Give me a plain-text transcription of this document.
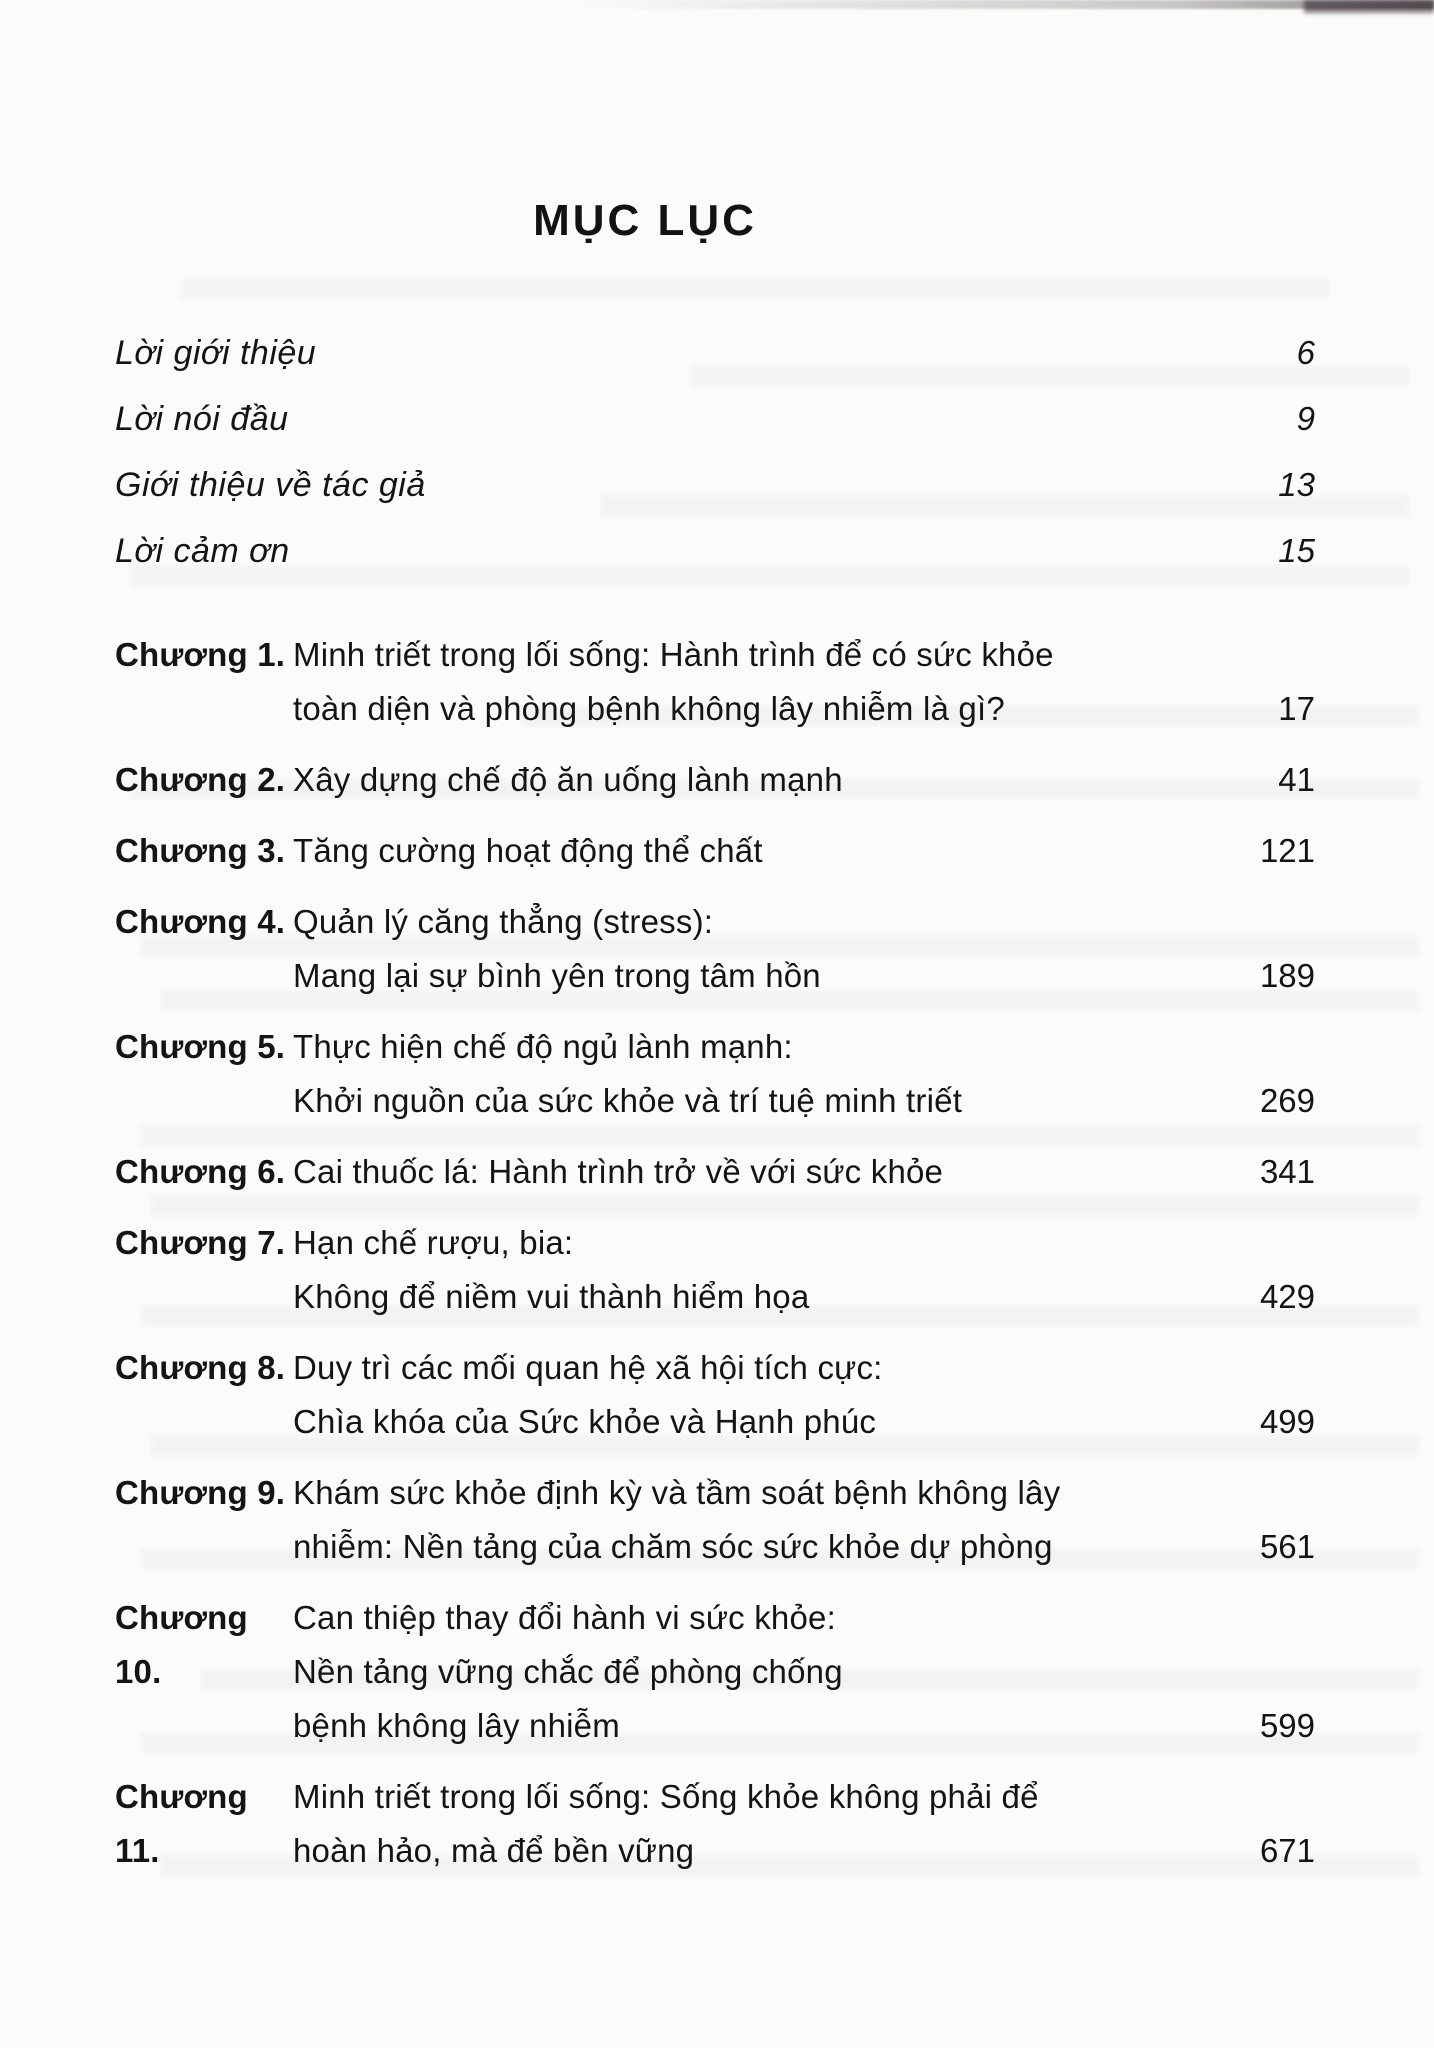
MỤC LỤC
Lời giới thiệu	6
Lời nói đầu	9
Giới thiệu về tác giả	13
Lời cảm ơn	15
Chương 1. Minh triết trong lối sống: Hành trình để có sức khỏe
toàn diện và phòng bệnh không lây nhiễm là gì?	17
Chương 2. Xây dựng chế độ ăn uống lành mạnh	41
Chương 3. Tăng cường hoạt động thể chất	121
Chương 4. Quản lý căng thẳng (stress):
Mang lại sự bình yên trong tâm hồn	189
Chương 5. Thực hiện chế độ ngủ lành mạnh:
Khởi nguồn của sức khỏe và trí tuệ minh triết	269
Chương 6. Cai thuốc lá: Hành trình trở về với sức khỏe	341
Chương 7. Hạn chế rượu, bia:
Không để niềm vui thành hiểm họa	429
Chương 8. Duy trì các mối quan hệ xã hội tích cực:
Chìa khóa của Sức khỏe và Hạnh phúc	499
Chương 9. Khám sức khỏe định kỳ và tầm soát bệnh không lây
nhiễm: Nền tảng của chăm sóc sức khỏe dự phòng	561
Chương 10.
Can thiệp thay đổi hành vi sức khỏe:
Nền tảng vững chắc để phòng chống
bệnh không lây nhiễm	599
Chương 11.
Minh triết trong lối sống: Sống khỏe không phải để
hoàn hảo, mà để bền vững	671
